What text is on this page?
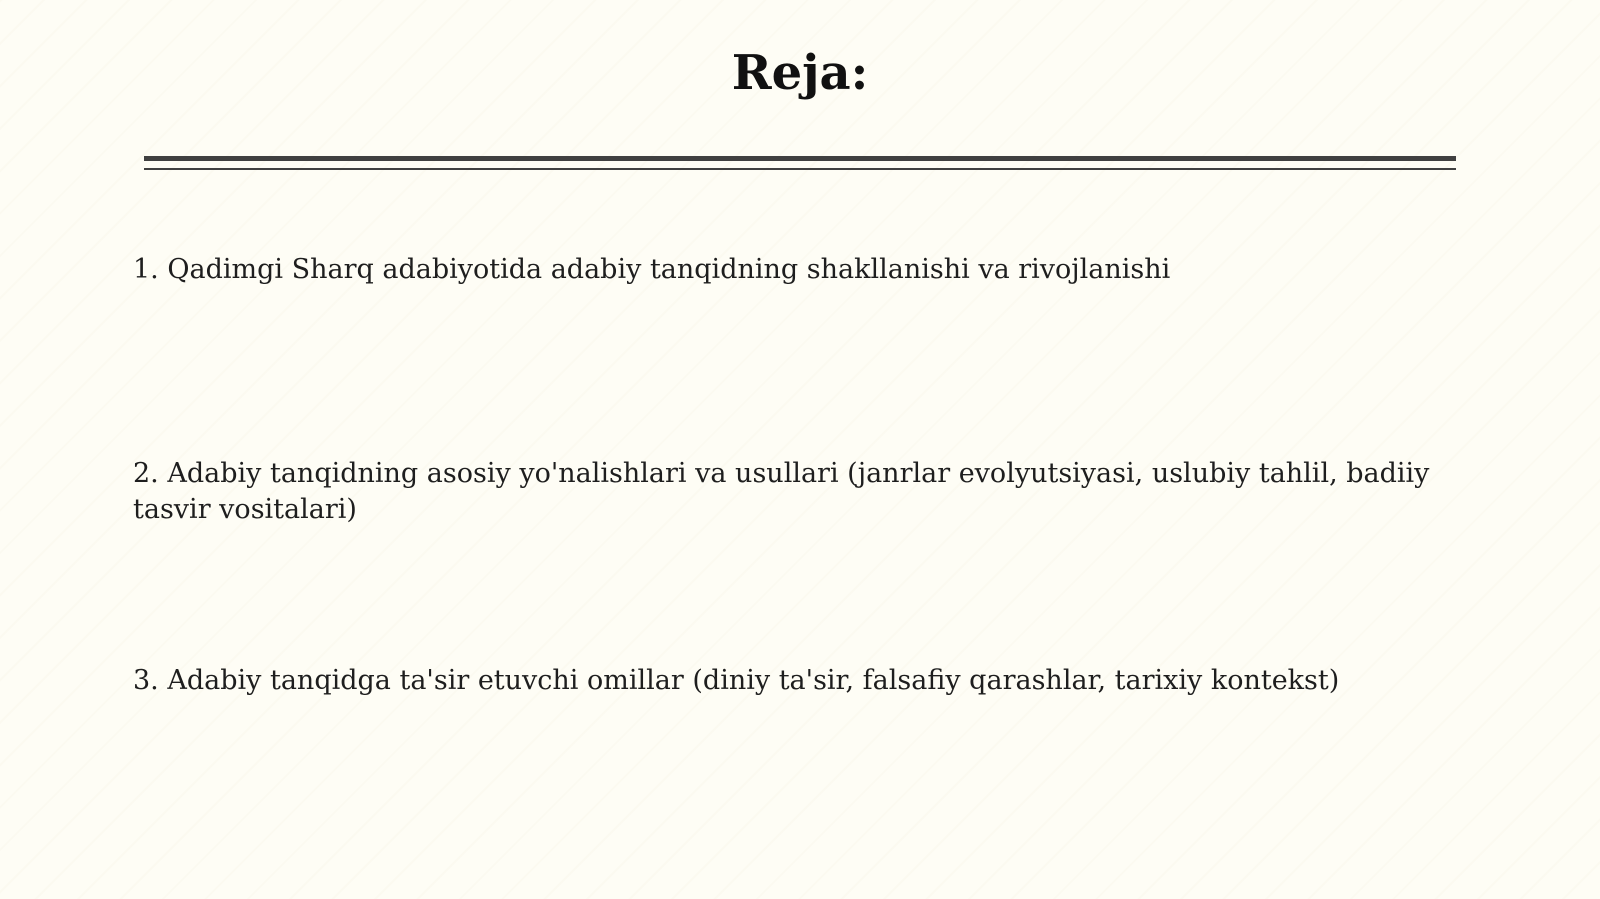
Reja:

1. Qadimgi Sharq adabiyotida adabiy tanqidning shakllanishi va rivojlanishi

2. Adabiy tanqidning asosiy yo'nalishlari va usullari (janrlar evolyutsiyasi, uslubiy tahlil, badiiy tasvir vositalari)

3. Adabiy tanqidga ta'sir etuvchi omillar (diniy ta'sir, falsafiy qarashlar, tarixiy kontekst)
